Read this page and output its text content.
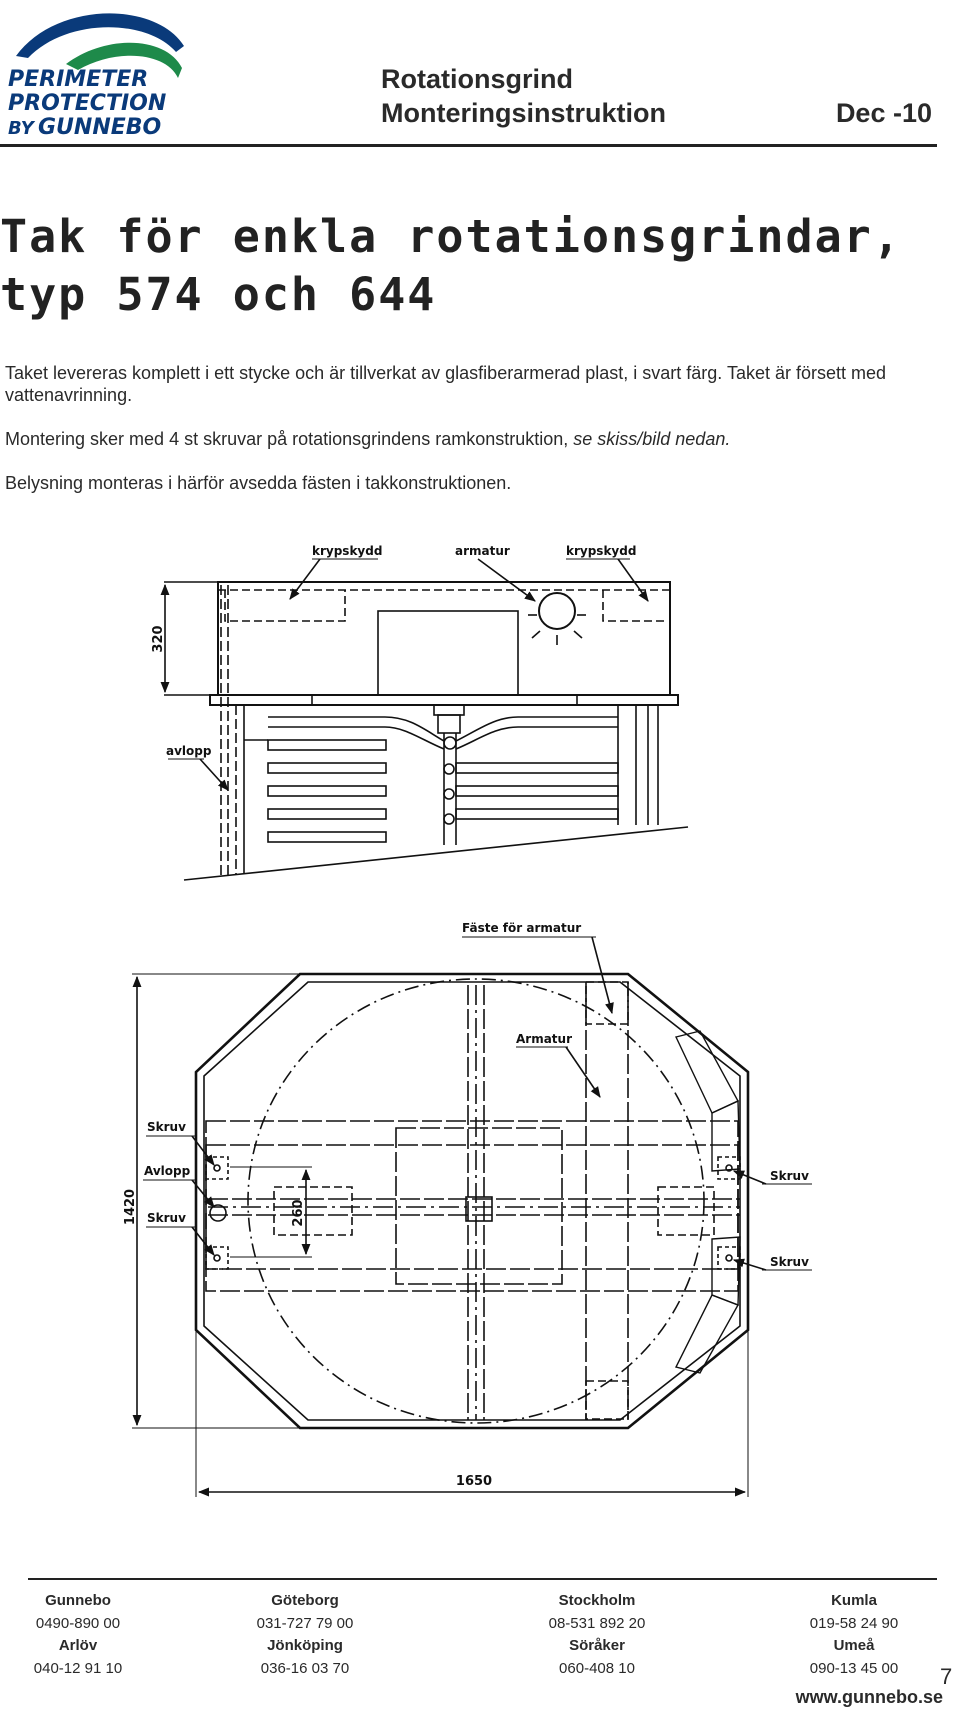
PERIMETER
PROTECTION
BY GUNNEBO
Rotationsgrind
Monteringsinstruktion	Dec -10
Tak för enkla rotationsgrindar, typ 574 och 644
Taket levereras komplett i ett stycke och är tillverkat av glasfiberarmerad plast, i svart färg. Taket är försett med vattenavrinning.
Montering sker med 4 st skruvar på rotationsgrindens ramkonstruktion, se skiss/bild nedan.
Belysning monteras i härför avsedda fästen i takkonstruktionen.
320
krypskydd	armatur	krypskydd
avlopp
260
1420
1650
Fäste för armatur
Armatur
Skruv
Avlopp
Skruv
Skruv
Skruv
Gunnebo
0490-890 00
Göteborg
031-727 79 00
Stockholm
08-531 892 20
Kumla
019-58 24 90
Arlöv
040-12 91 10
Jönköping
036-16 03 70
Söråker
060-408 10
Umeå
090-13 45 00	7
www.gunnebo.se
